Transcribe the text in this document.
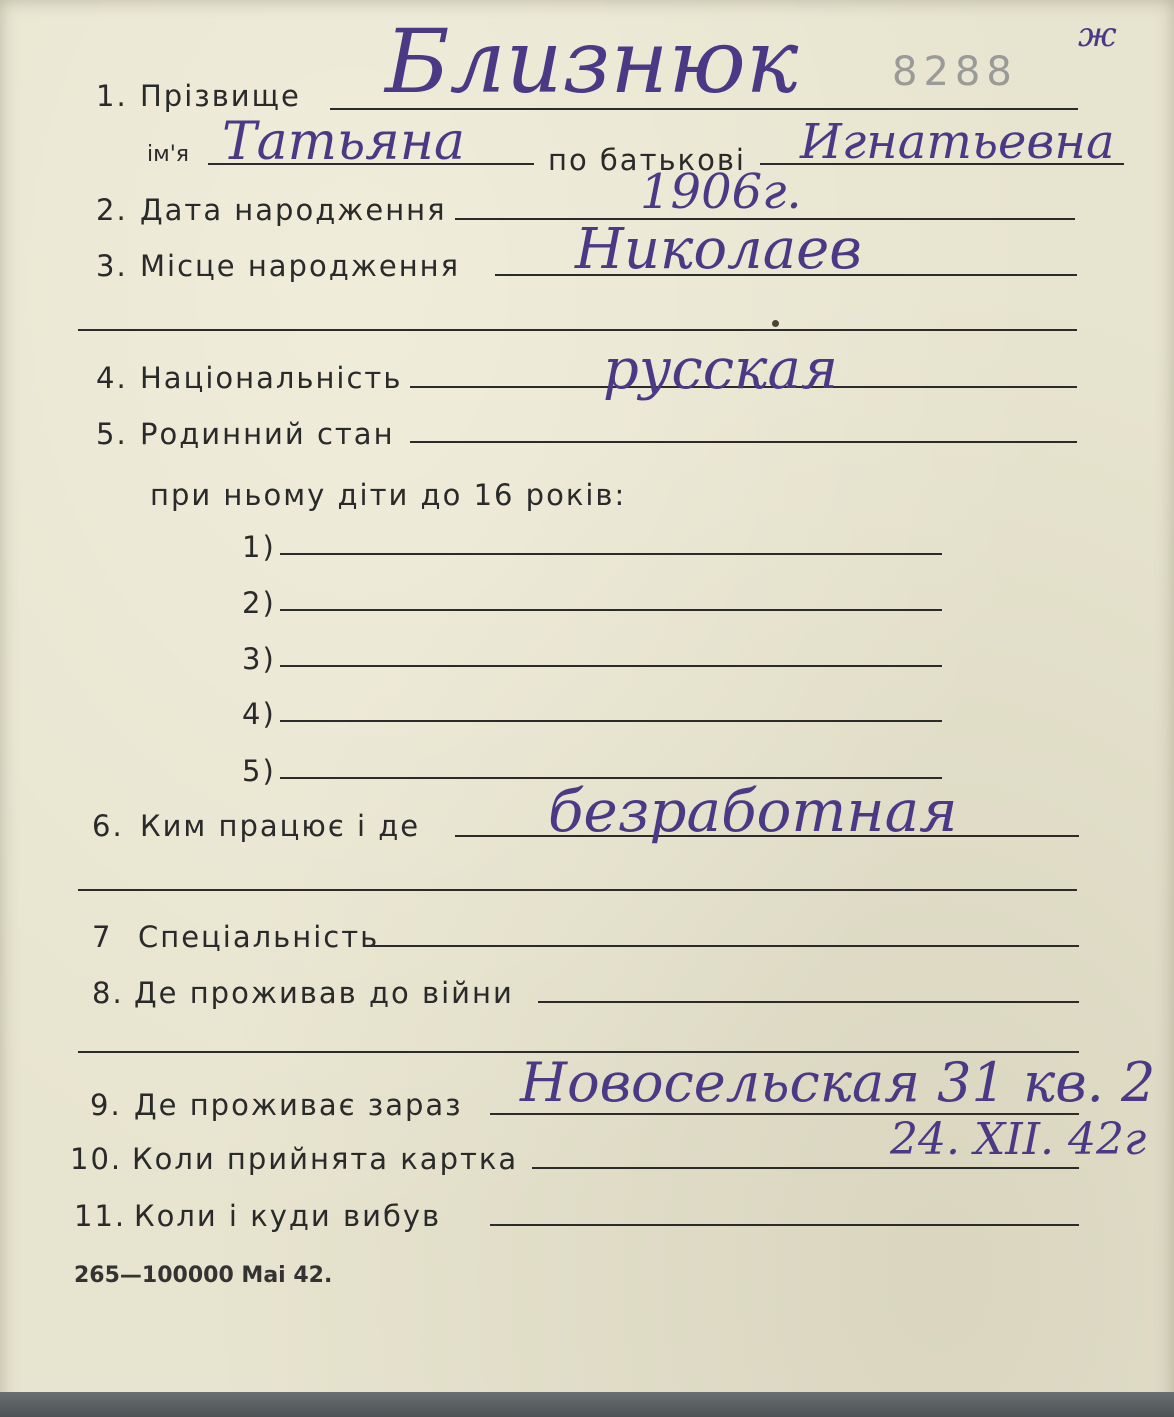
1. Прізвище Близнюк 8288
ж
ім'я Татьяна	по батькові Игнатьевна
2. Дата народження	1906г.
3. Місце народження Николаев
4. Національність	русская
5. Родинний стан
при ньому діти до 16 років:
1)
2)
3)
4)
5)
6. Ким працює і де безработная
7 Спеціальність
8. Де проживав до війни
9. Де проживає зараз Новосельская 31 кв. 2
10. Коли прийнята картка	24. XII. 42г
11. Коли і куди вибув
265—100000 Mai 42.
